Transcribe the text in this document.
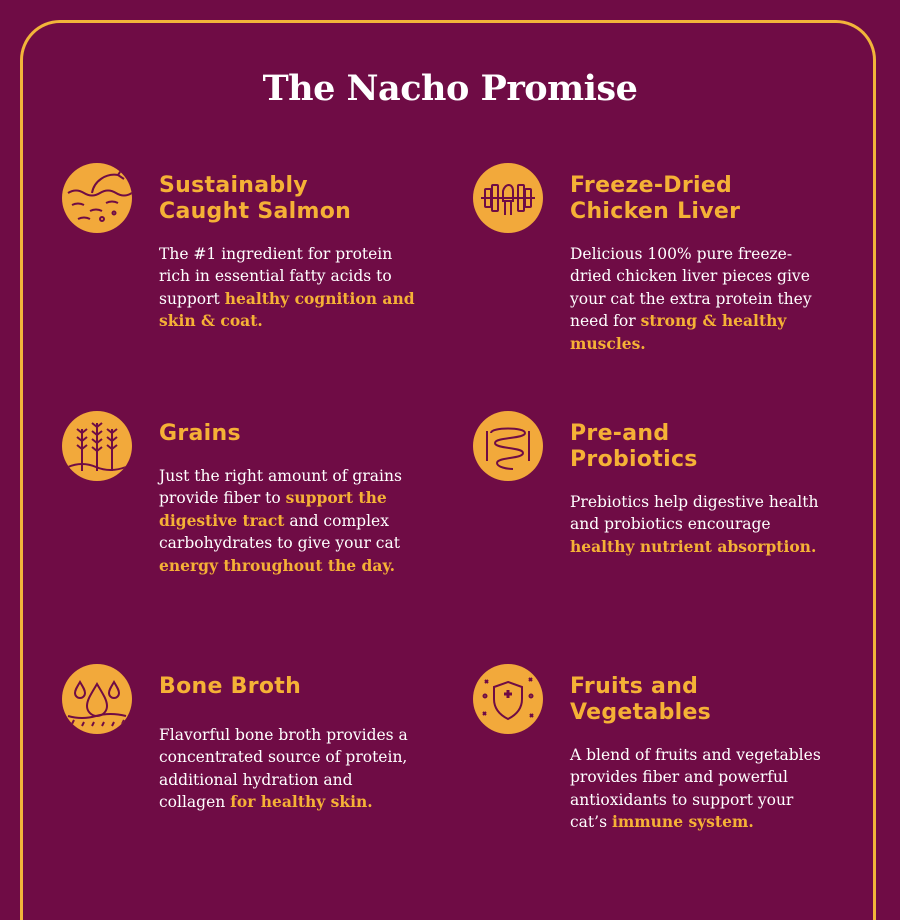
The Nacho Promise
Sustainably
Caught Salmon
The #1 ingredient for protein rich in essential fatty acids to support healthy cognition and skin & coat.
Freeze-Dried
Chicken Liver
Delicious 100% pure freeze-dried chicken liver pieces give your cat the extra protein they need for strong & healthy muscles.
Grains
Just the right amount of grains provide fiber to support the digestive tract and complex carbohydrates to give your cat energy throughout the day.
Pre-and
Probiotics
Prebiotics help digestive health and probiotics encourage healthy nutrient absorption.
Bone Broth
Flavorful bone broth provides a concentrated source of protein, additional hydration and collagen for healthy skin.
Fruits and
Vegetables
A blend of fruits and vegetables provides fiber and powerful antioxidants to support your cat’s immune system.
